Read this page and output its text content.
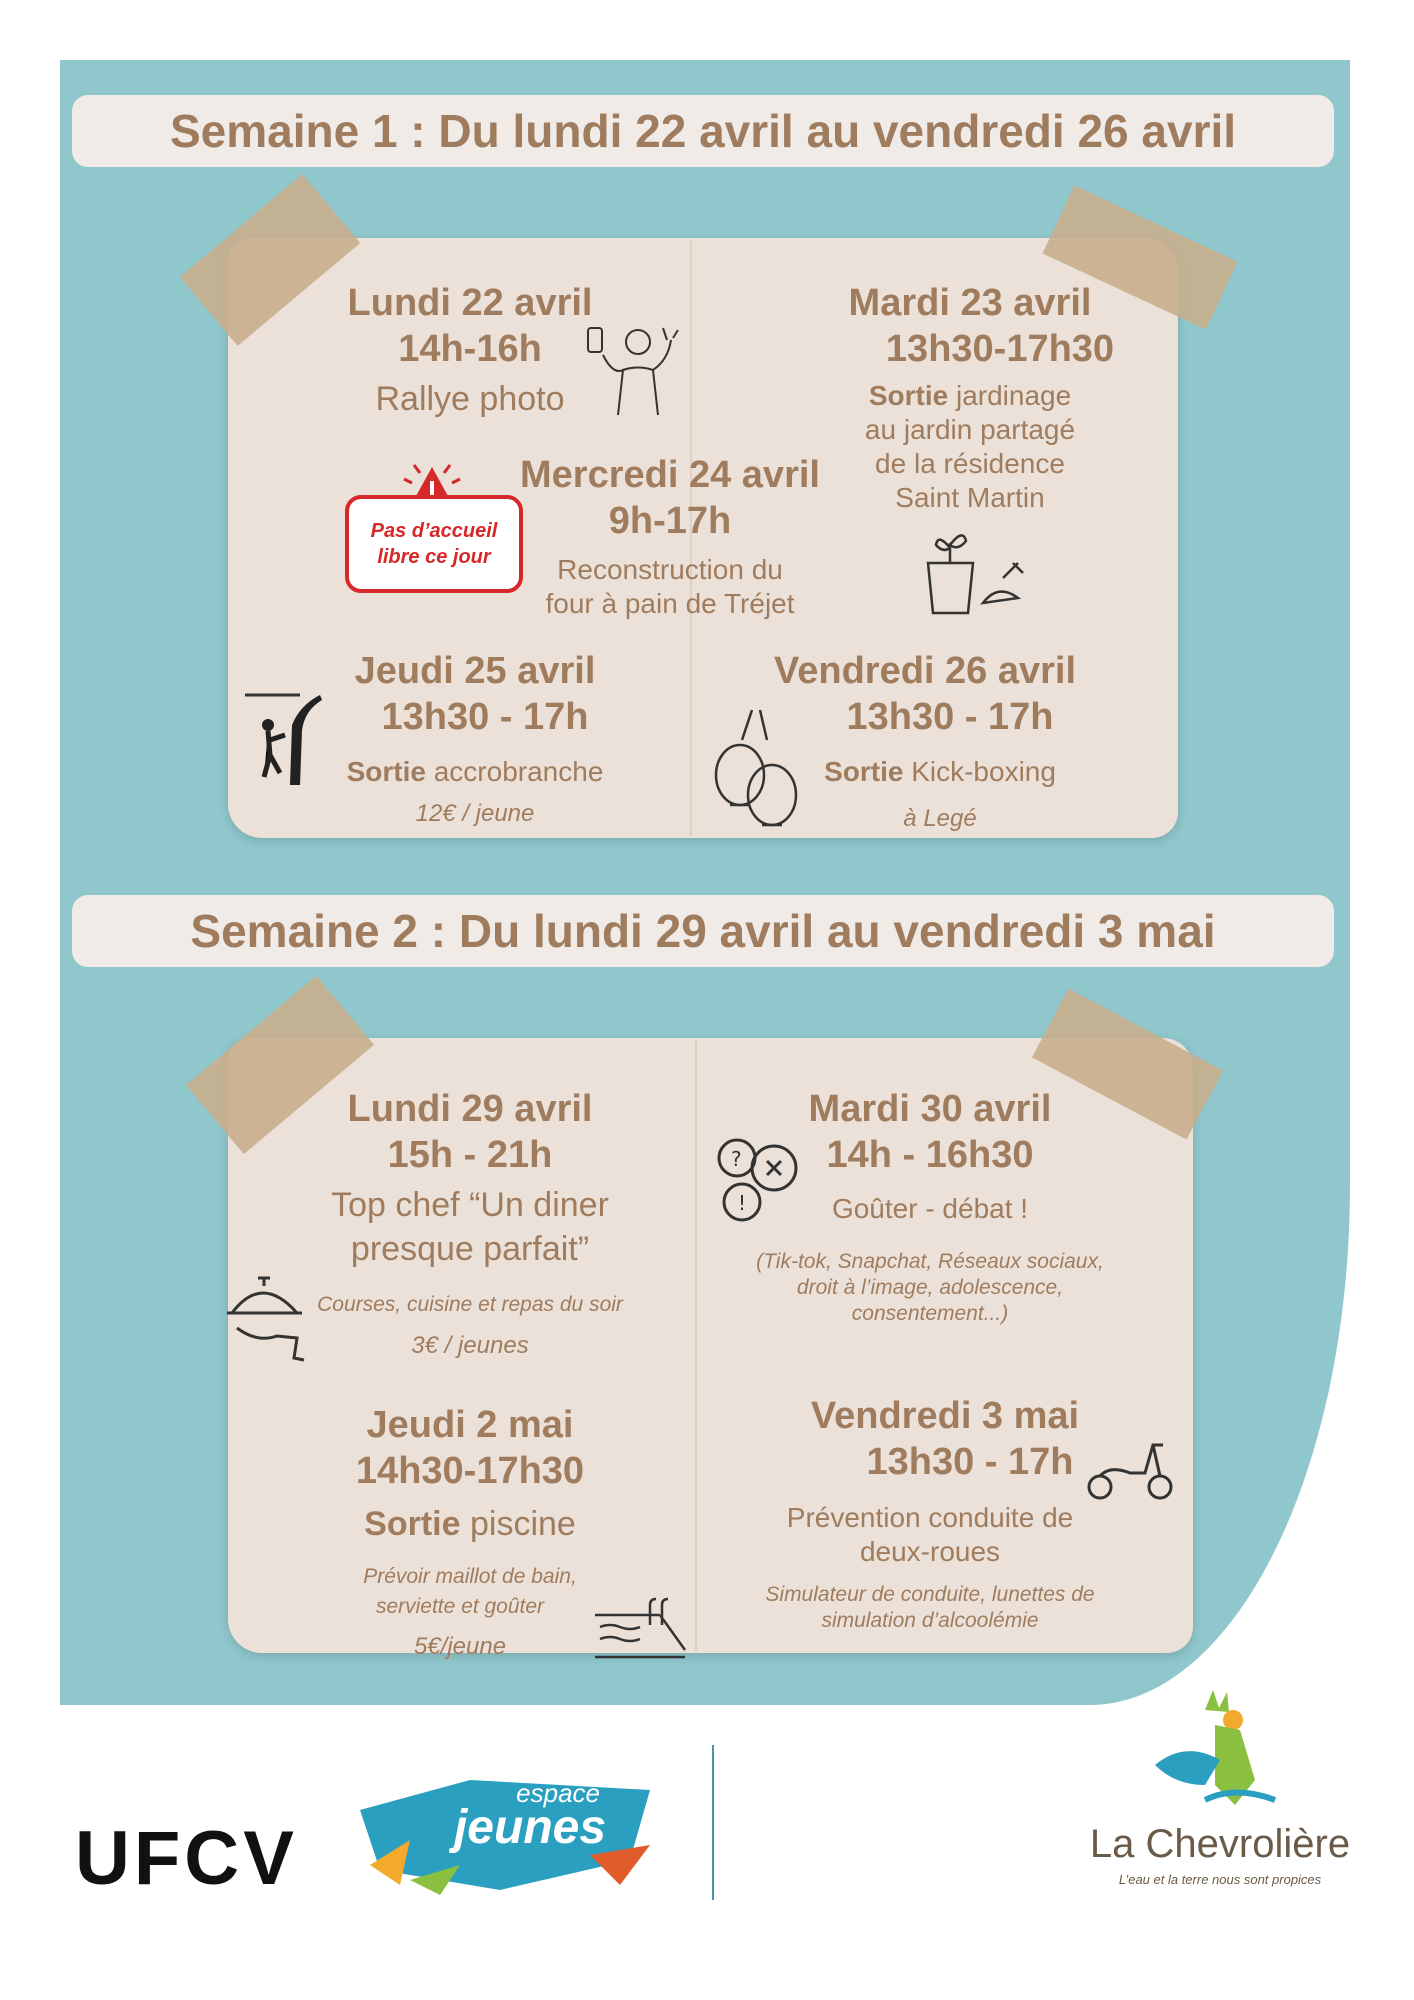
Semaine 1 : Du lundi 22 avril au vendredi 26 avril
Lundi 22 avril
14h-16h
Rallye photo
Mardi 23 avril
13h30-17h30
Sortie jardinage
au jardin partagé
de la résidence
Saint Martin
Mercredi 24 avril
9h-17h
Reconstruction du
four à pain de Tréjet
Pas d’accueil
libre ce jour
Jeudi 25 avril
13h30 - 17h
Sortie accrobranche
12€ / jeune
Vendredi 26 avril
13h30 - 17h
Sortie Kick-boxing
à Legé
Semaine 2 : Du lundi 29 avril au vendredi 3 mai
Lundi 29 avril
15h - 21h
Top chef “Un diner
presque parfait”
Courses, cuisine et repas du soir
3€ / jeunes
Mardi 30 avril
14h - 16h30
Goûter - débat !
(Tik-tok, Snapchat, Réseaux sociaux,
droit à l’image, adolescence,
consentement...)
?
!
Jeudi 2 mai
14h30-17h30
Sortie piscine
Prévoir maillot de bain,
serviette et goûter
5€/jeune
Vendredi 3 mai
13h30 - 17h
Prévention conduite de
deux-roues
Simulateur de conduite, lunettes de
simulation d’alcoolémie
UFCV
espace
jeunes	La Chevrolière
L’eau et la terre nous sont propices
